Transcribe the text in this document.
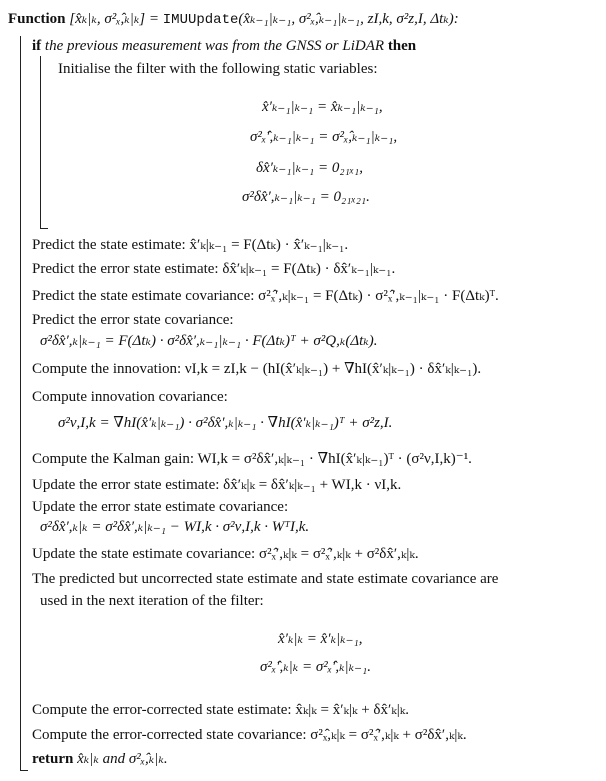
Function [x̂ₖ|ₖ, σ²ₓ̂,ₖ|ₖ] = IMUUpdate(x̂ₖ₋₁|ₖ₋₁, σ²ₓ̂,ₖ₋₁|ₖ₋₁, zI,k, σ²z,I, Δtₖ):
if the previous measurement was from the GNSS or LiDAR then
Initialise the filter with the following static variables:
x̂′ₖ₋₁|ₖ₋₁ = x̂ₖ₋₁|ₖ₋₁,
σ²ₓ̂′,ₖ₋₁|ₖ₋₁ = σ²ₓ̂,ₖ₋₁|ₖ₋₁,
δx̂′ₖ₋₁|ₖ₋₁ = 0₂₁ₓ₁,
σ²δx̂′,ₖ₋₁|ₖ₋₁ = 0₂₁ₓ₂₁.
Predict the state estimate: x̂′ₖ|ₖ₋₁ = F(Δtₖ) · x̂′ₖ₋₁|ₖ₋₁.
Predict the error state estimate: δx̂′ₖ|ₖ₋₁ = F(Δtₖ) · δx̂′ₖ₋₁|ₖ₋₁.
Predict the state estimate covariance: σ²ₓ̂′,ₖ|ₖ₋₁ = F(Δtₖ) · σ²ₓ̂′,ₖ₋₁|ₖ₋₁ · F(Δtₖ)ᵀ.
Predict the error state covariance:
σ²δx̂′,ₖ|ₖ₋₁ = F(Δtₖ) · σ²δx̂′,ₖ₋₁|ₖ₋₁ · F(Δtₖ)ᵀ + σ²Q,ₖ(Δtₖ).
Compute the innovation: νI,k = zI,k − (hI(x̂′ₖ|ₖ₋₁) + ∇hI(x̂′ₖ|ₖ₋₁) · δx̂′ₖ|ₖ₋₁).
Compute innovation covariance:
σ²ν,I,k = ∇hI(x̂′ₖ|ₖ₋₁) · σ²δx̂′,ₖ|ₖ₋₁ · ∇hI(x̂′ₖ|ₖ₋₁)ᵀ + σ²z,I.
Compute the Kalman gain: WI,k = σ²δx̂′,ₖ|ₖ₋₁ · ∇hI(x̂′ₖ|ₖ₋₁)ᵀ · (σ²ν,I,k)⁻¹.
Update the error state estimate: δx̂′ₖ|ₖ = δx̂′ₖ|ₖ₋₁ + WI,k · νI,k.
Update the error state estimate covariance:
σ²δx̂′,ₖ|ₖ = σ²δx̂′,ₖ|ₖ₋₁ − WI,k · σ²ν,I,k · WᵀI,k.
Update the state estimate covariance: σ²ₓ̂′,ₖ|ₖ = σ²ₓ̂′,ₖ|ₖ + σ²δx̂′,ₖ|ₖ.
The predicted but uncorrected state estimate and state estimate covariance are
used in the next iteration of the filter:
x̂′ₖ|ₖ = x̂′ₖ|ₖ₋₁,
σ²ₓ̂′,ₖ|ₖ = σ²ₓ̂′,ₖ|ₖ₋₁.
Compute the error-corrected state estimate: x̂ₖ|ₖ = x̂′ₖ|ₖ + δx̂′ₖ|ₖ.
Compute the error-corrected state covariance: σ²ₓ̂,ₖ|ₖ = σ²ₓ̂′,ₖ|ₖ + σ²δx̂′,ₖ|ₖ.
return x̂ₖ|ₖ and σ²ₓ̂,ₖ|ₖ.
